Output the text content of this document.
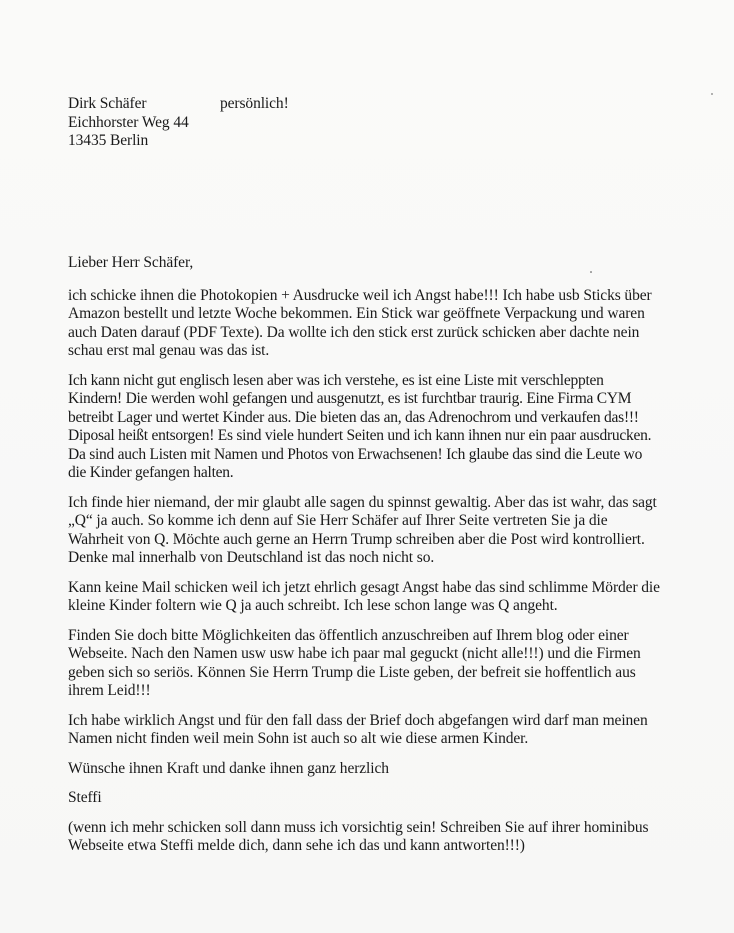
Dirk Schäfer
Eichhorster Weg 44
13435 Berlin
persönlich!

Lieber Herr Schäfer,

ich schicke ihnen die Photokopien + Ausdrucke weil ich Angst habe!!! Ich habe usb Sticks über Amazon bestellt und letzte Woche bekommen. Ein Stick war geöffnete Verpackung und waren auch Daten darauf (PDF Texte). Da wollte ich den stick erst zurück schicken aber dachte nein schau erst mal genau was das ist.

Ich kann nicht gut englisch lesen aber was ich verstehe, es ist eine Liste mit verschleppten Kindern! Die werden wohl gefangen und ausgenutzt, es ist furchtbar traurig. Eine Firma CYM betreibt Lager und wertet Kinder aus. Die bieten das an, das Adrenochrom und verkaufen das!!! Diposal heißt entsorgen! Es sind viele hundert Seiten und ich kann ihnen nur ein paar ausdrucken. Da sind auch Listen mit Namen und Photos von Erwachsenen! Ich glaube das sind die Leute wo die Kinder gefangen halten.

Ich finde hier niemand, der mir glaubt alle sagen du spinnst gewaltig. Aber das ist wahr, das sagt „Q“ ja auch. So komme ich denn auf Sie Herr Schäfer auf Ihrer Seite vertreten Sie ja die Wahrheit von Q. Möchte auch gerne an Herrn Trump schreiben aber die Post wird kontrolliert. Denke mal innerhalb von Deutschland ist das noch nicht so.

Kann keine Mail schicken weil ich jetzt ehrlich gesagt Angst habe das sind schlimme Mörder die kleine Kinder foltern wie Q ja auch schreibt. Ich lese schon lange was Q angeht.

Finden Sie doch bitte Möglichkeiten das öffentlich anzuschreiben auf Ihrem blog oder einer Webseite. Nach den Namen usw usw habe ich paar mal geguckt (nicht alle!!!) und die Firmen geben sich so seriös. Können Sie Herrn Trump die Liste geben, der befreit sie hoffentlich aus ihrem Leid!!!

Ich habe wirklich Angst und für den fall dass der Brief doch abgefangen wird darf man meinen Namen nicht finden weil mein Sohn ist auch so alt wie diese armen Kinder.

Wünsche ihnen Kraft und danke ihnen ganz herzlich

Steffi

(wenn ich mehr schicken soll dann muss ich vorsichtig sein! Schreiben Sie auf ihrer hominibus Webseite etwa Steffi melde dich, dann sehe ich das und kann antworten!!!)
